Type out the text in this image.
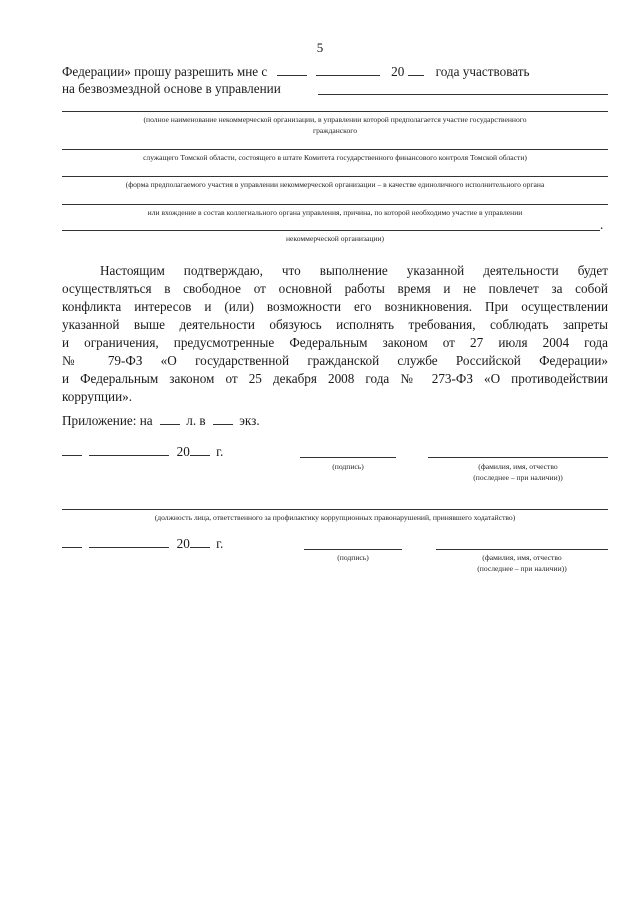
5
Федерации» прошу разрешить мне с	20 года участвовать
на безвозмездной основе в управлении
(полное наименование некоммерческой организации, в управлении которой предполагается участие государственного
гражданского
служащего Томской области, состоящего в штате Комитета государственного финансового контроля Томской области)
(форма предполагаемого участия в управлении некоммерческой организации – в качестве единоличного исполнительного органа
или вхождение в состав коллегиального органа управления, причина, по которой необходимо участие в управлении
.
некоммерческой организации)
Настоящим подтверждаю, что выполнение указанной деятельности будет
осуществляться в свободное от основной работы время и не повлечет за собой
конфликта интересов и (или) возможности его возникновения. При осуществлении
указанной выше деятельности обязуюсь исполнять требования, соблюдать запреты
и ограничения, предусмотренные Федеральным законом от 27 июля 2004 года
№ 79-ФЗ «О государственной гражданской службе Российской Федерации»
и Федеральным законом от 25 декабря 2008 года № 273-ФЗ «О противодействии
коррупции».
Приложение: на	л. в	экз.
20 г.
(подпись)	(фамилия, имя, отчество
(последнее – при наличии))
(должность лица, ответственного за профилактику коррупционных правонарушений, принявшего ходатайство)
20 г.
(подпись)	(фамилия, имя, отчество
(последнее – при наличии))
